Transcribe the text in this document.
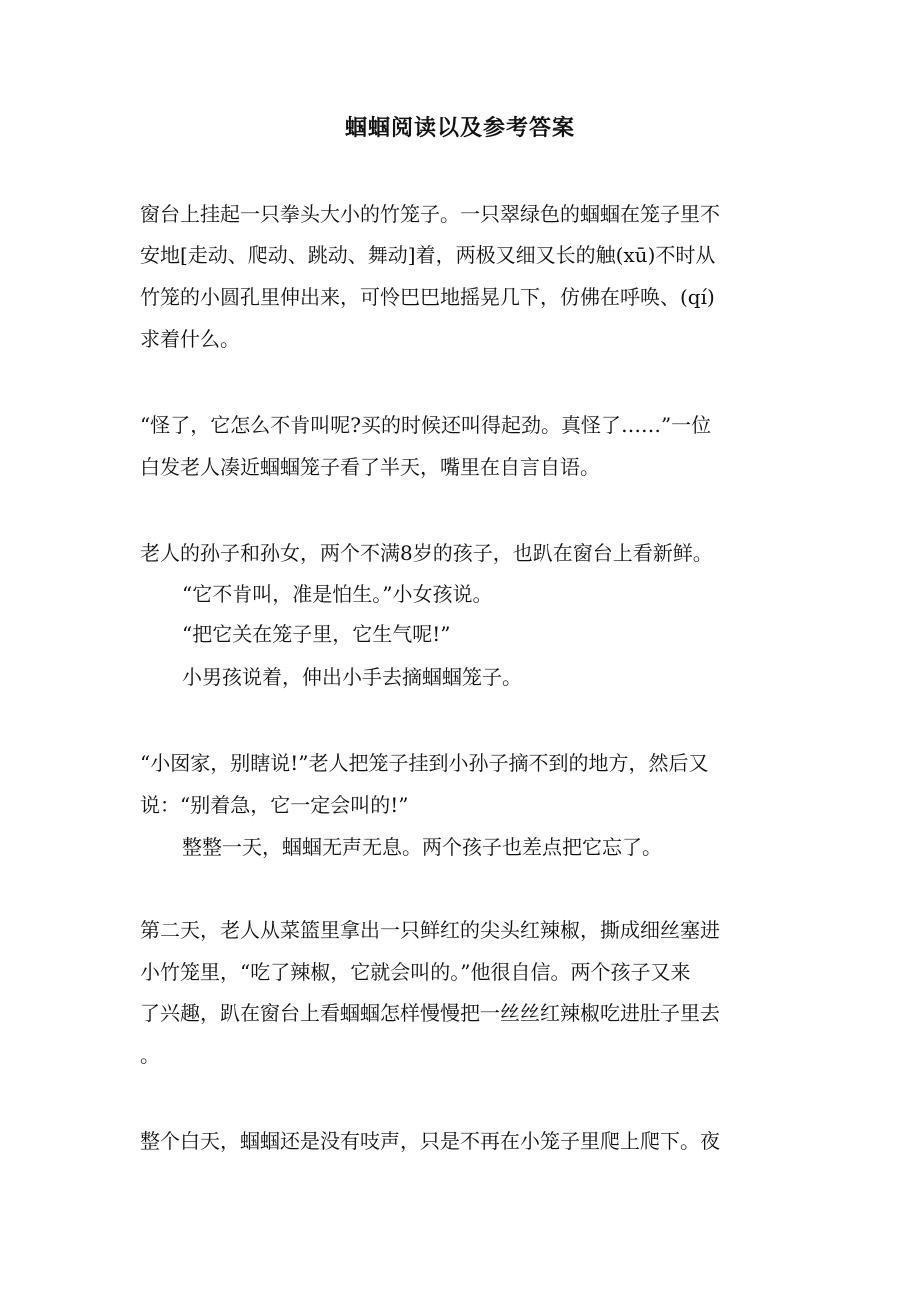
蝈蝈阅读以及参考答案
窗台上挂起一只拳头大小的竹笼子。一只翠绿色的蝈蝈在笼子里不
安地[走动、爬动、跳动、舞动]着，两极又细又长的触(xū)不时从
竹笼的小圆孔里伸出来，可怜巴巴地摇晃几下，仿佛在呼唤、(qí)
求着什么。
“怪了，它怎么不肯叫呢?买的时候还叫得起劲。真怪了……”一位
白发老人凑近蝈蝈笼子看了半天，嘴里在自言自语。
老人的孙子和孙女，两个不满8岁的孩子，也趴在窗台上看新鲜。
“它不肯叫，准是怕生。”小女孩说。
“把它关在笼子里，它生气呢!”
小男孩说着，伸出小手去摘蝈蝈笼子。
“小囡家，别瞎说!”老人把笼子挂到小孙子摘不到的地方，然后又
说：“别着急，它一定会叫的!”
整整一天，蝈蝈无声无息。两个孩子也差点把它忘了。
第二天，老人从菜篮里拿出一只鲜红的尖头红辣椒，撕成细丝塞进
小竹笼里，“吃了辣椒，它就会叫的。”他很自信。两个孩子又来
了兴趣，趴在窗台上看蝈蝈怎样慢慢把一丝丝红辣椒吃进肚子里去
。
整个白天，蝈蝈还是没有吱声，只是不再在小笼子里爬上爬下。夜
